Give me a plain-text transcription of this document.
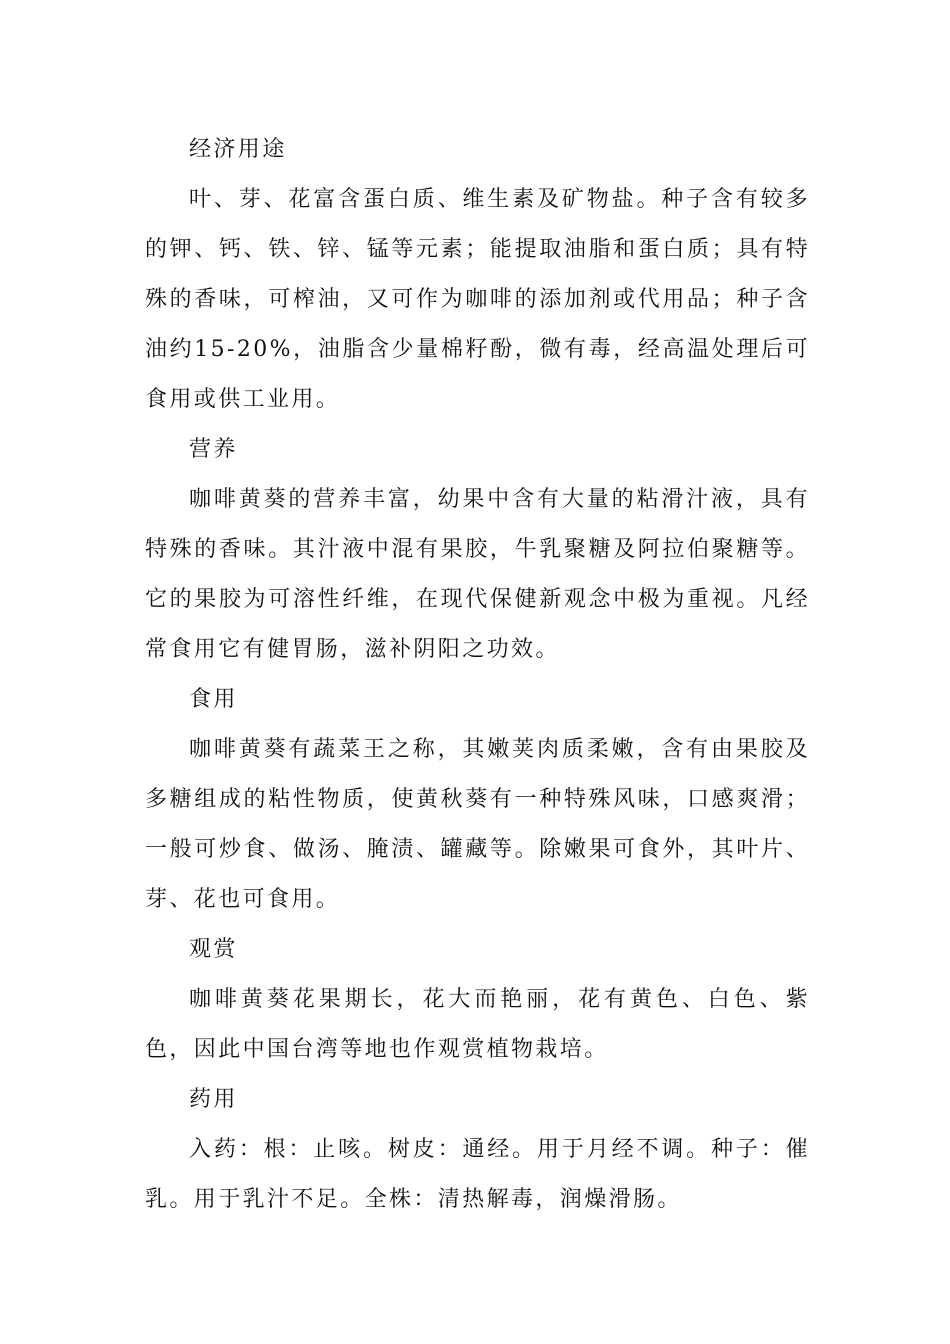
经济用途

叶、芽、花富含蛋白质、维生素及矿物盐。种子含有较多的钾、钙、铁、锌、锰等元素；能提取油脂和蛋白质；具有特殊的香味，可榨油，又可作为咖啡的添加剂或代用品；种子含油约15-20%，油脂含少量棉籽酚，微有毒，经高温处理后可食用或供工业用。

营养

咖啡黄葵的营养丰富，幼果中含有大量的粘滑汁液，具有特殊的香味。其汁液中混有果胶，牛乳聚糖及阿拉伯聚糖等。它的果胶为可溶性纤维，在现代保健新观念中极为重视。凡经常食用它有健胃肠，滋补阴阳之功效。

食用

咖啡黄葵有蔬菜王之称，其嫩荚肉质柔嫩，含有由果胶及多糖组成的粘性物质，使黄秋葵有一种特殊风味，口感爽滑；一般可炒食、做汤、腌渍、罐藏等。除嫩果可食外，其叶片、芽、花也可食用。

观赏

咖啡黄葵花果期长，花大而艳丽，花有黄色、白色、紫色，因此中国台湾等地也作观赏植物栽培。

药用

入药：根：止咳。树皮：通经。用于月经不调。种子：催乳。用于乳汁不足。全株：清热解毒，润燥滑肠。
